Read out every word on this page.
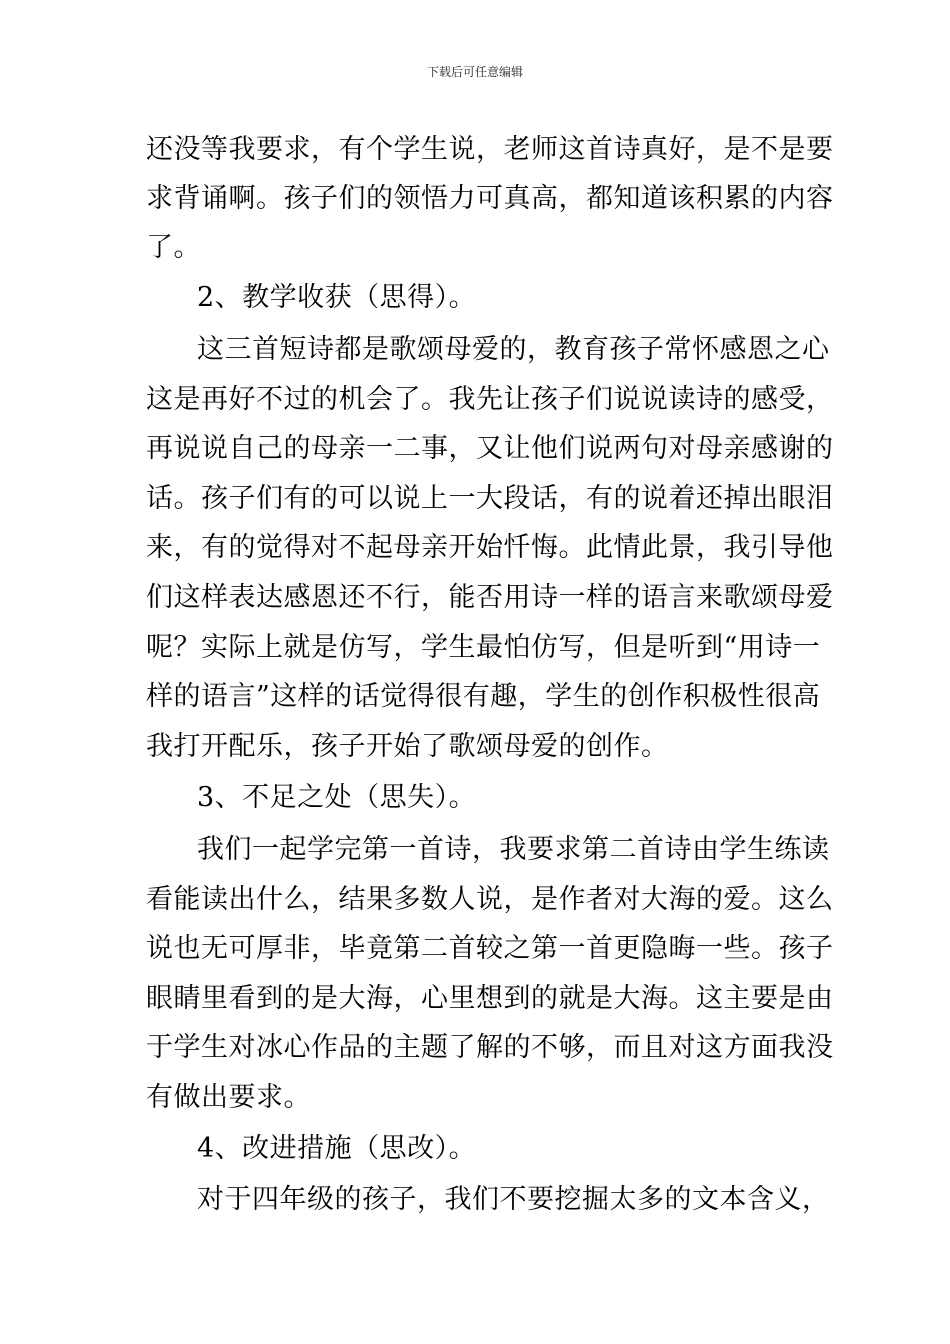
下载后可任意编辑
还没等我要求，有个学生说，老师这首诗真好，是不是要
求背诵啊。孩子们的领悟力可真高，都知道该积累的内容
了。
2、教学收获（思得）。
这三首短诗都是歌颂母爱的，教育孩子常怀感恩之心
这是再好不过的机会了。我先让孩子们说说读诗的感受，
再说说自己的母亲一二事，又让他们说两句对母亲感谢的
话。孩子们有的可以说上一大段话，有的说着还掉出眼泪
来，有的觉得对不起母亲开始忏悔。此情此景，我引导他
们这样表达感恩还不行，能否用诗一样的语言来歌颂母爱
呢？实际上就是仿写，学生最怕仿写，但是听到“用诗一
样的语言”这样的话觉得很有趣，学生的创作积极性很高
我打开配乐，孩子开始了歌颂母爱的创作。
3、不足之处（思失）。
我们一起学完第一首诗，我要求第二首诗由学生练读
看能读出什么，结果多数人说，是作者对大海的爱。这么
说也无可厚非，毕竟第二首较之第一首更隐晦一些。孩子
眼睛里看到的是大海，心里想到的就是大海。这主要是由
于学生对冰心作品的主题了解的不够，而且对这方面我没
有做出要求。
4、改进措施（思改）。
对于四年级的孩子，我们不要挖掘太多的文本含义，
